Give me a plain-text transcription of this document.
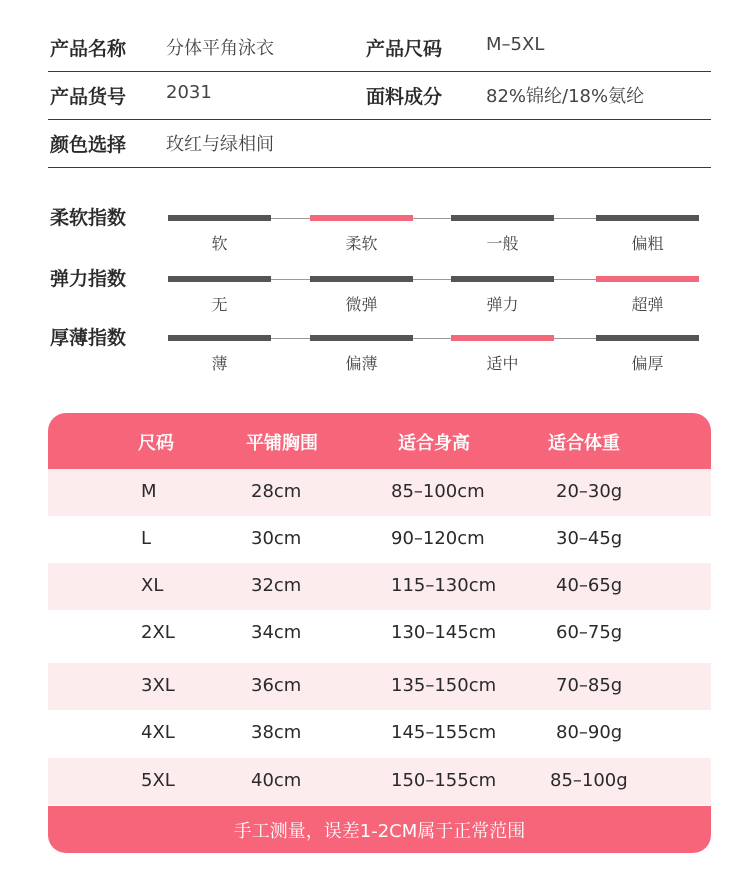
产品名称 分体平角泳衣	产品尺码 M–5XL
产品货号 2031	面料成分 82%锦纶/18%氨纶
颜色选择 玫红与绿相间
柔软指数
软	柔软	一般	偏粗
弹力指数
无	微弹	弹力	超弹
厚薄指数
薄	偏薄	适中	偏厚
尺码	平铺胸围	适合身高	适合体重
M	28cm	85–100cm	20–30g
L	30cm	90–120cm	30–45g
XL	32cm	115–130cm	40–65g
2XL	34cm	130–145cm	60–75g
3XL	36cm	135–150cm	70–85g
4XL	38cm	145–155cm	80–90g
5XL	40cm	150–155cm	85–100g
手工测量，误差1-2CM属于正常范围
